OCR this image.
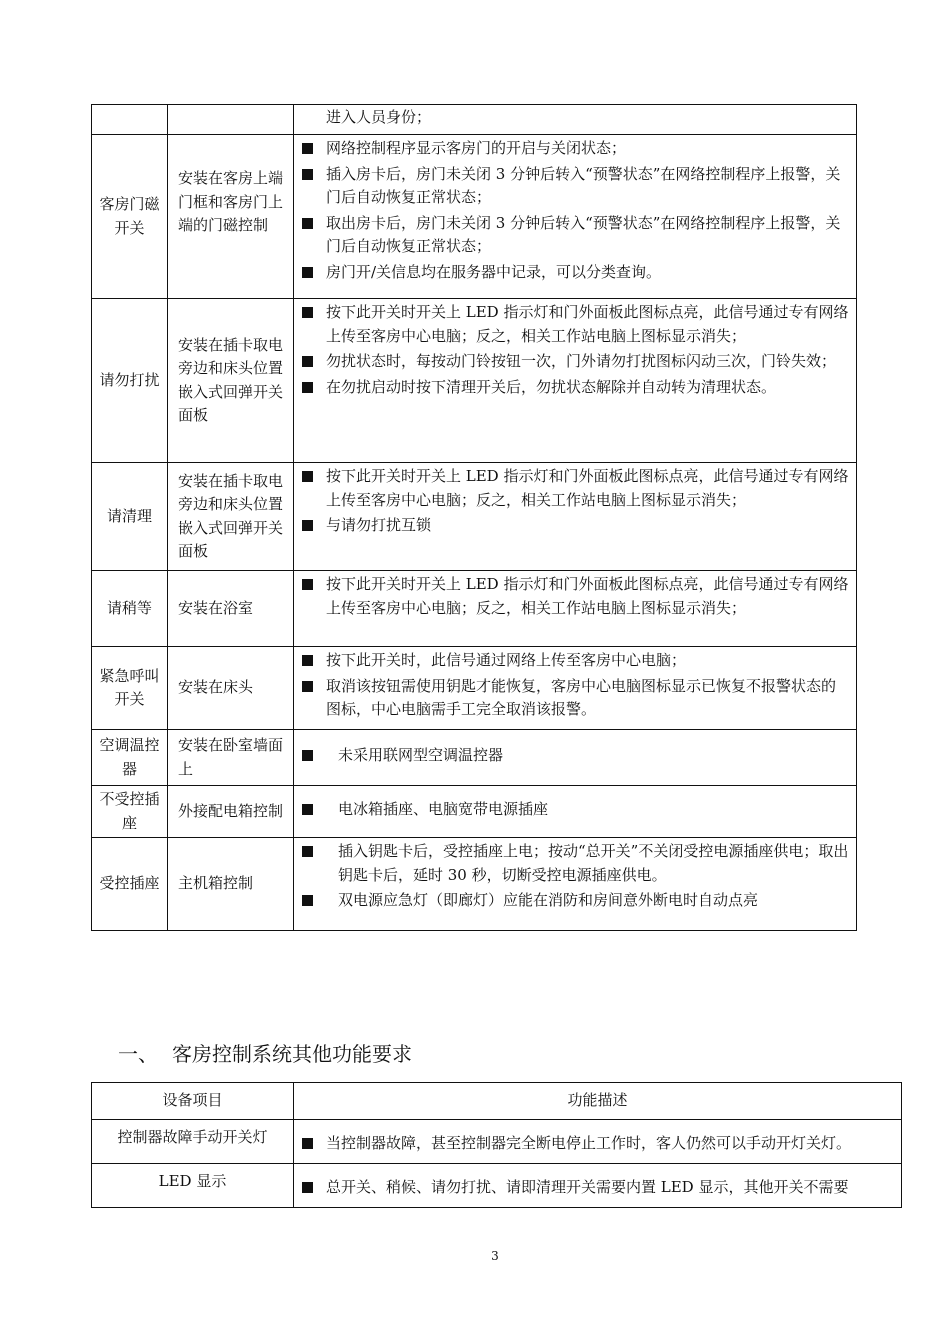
		进入人员身份；

客房门磁开关	安装在客房上端门框和客房门上端的门磁控制	网络控制程序显示客房门的开启与关闭状态；
插入房卡后，房门未关闭 3 分钟后转入“预警状态”在网络控制程序上报警，关门后自动恢复正常状态；
取出房卡后，房门未关闭 3 分钟后转入“预警状态”在网络控制程序上报警，关门后自动恢复正常状态；
房门开/关信息均在服务器中记录，可以分类查询。

请勿打扰	安装在插卡取电旁边和床头位置嵌入式回弹开关面板	按下此开关时开关上 LED 指示灯和门外面板此图标点亮，此信号通过专有网络上传至客房中心电脑；反之，相关工作站电脑上图标显示消失；
勿扰状态时，每按动门铃按钮一次，门外请勿打扰图标闪动三次，门铃失效；
在勿扰启动时按下清理开关后，勿扰状态解除并自动转为清理状态。

请清理	安装在插卡取电旁边和床头位置嵌入式回弹开关面板	按下此开关时开关上 LED 指示灯和门外面板此图标点亮，此信号通过专有网络上传至客房中心电脑；反之，相关工作站电脑上图标显示消失；
与请勿打扰互锁

请稍等	安装在浴室	按下此开关时开关上 LED 指示灯和门外面板此图标点亮，此信号通过专有网络上传至客房中心电脑；反之，相关工作站电脑上图标显示消失；

紧急呼叫开关	安装在床头	按下此开关时，此信号通过网络上传至客房中心电脑；
取消该按钮需使用钥匙才能恢复，客房中心电脑图标显示已恢复不报警状态的图标，中心电脑需手工完全取消该报警。

空调温控器	安装在卧室墙面上	未采用联网型空调温控器

不受控插座	外接配电箱控制	电冰箱插座、电脑宽带电源插座

受控插座	主机箱控制	插入钥匙卡后，受控插座上电；按动“总开关”不关闭受控电源插座供电；取出钥匙卡后，延时 30 秒，切断受控电源插座供电。
双电源应急灯（即廊灯）应能在消防和房间意外断电时自动点亮
一、 客房控制系统其他功能要求
设备项目	功能描述
控制器故障手动开关灯	当控制器故障，甚至控制器完全断电停止工作时，客人仍然可以手动开灯关灯。

LED 显示	总开关、稍候、请勿打扰、请即清理开关需要内置 LED 显示，其他开关不需要
3
